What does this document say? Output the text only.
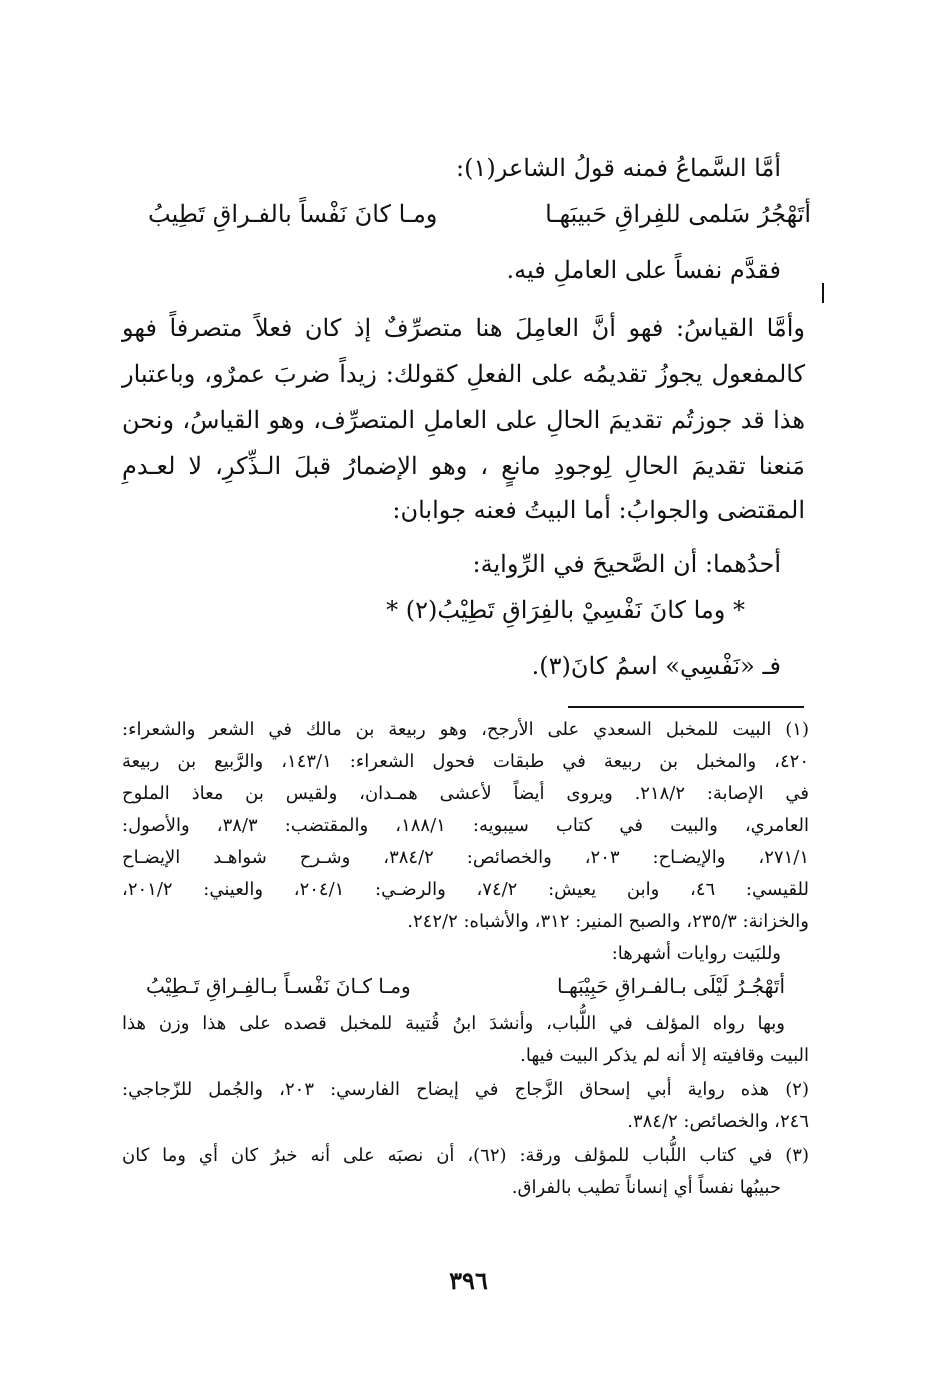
أمَّا السَّماعُ فمنه قولُ الشاعر(١):
أتَهْجُرُ سَلمى للفِراقِ حَبيبَهـا
ومـا كانَ نَفْساً بالفـراقِ تَطِيبُ
فقدَّم نفساً على العاملِ فيه.
وأمَّا القياسُ: فهو أنَّ العامِلَ هنا متصرِّفٌ إذ كان فعلاً متصرفاً فهو
كالمفعول يجوزُ تقديمُه على الفعلِ كقولك: زيداً ضربَ عمرٌو، وباعتبار
هذا قد جوزتُم تقديمَ الحالِ على العاملِ المتصرِّف، وهو القياسُ، ونحن
مَنعنا تقديمَ الحالِ لِوجودِ مانعٍ ، وهو الإضمارُ قبلَ الـذِّكرِ، لا لعـدمِ
المقتضى والجوابُ: أما البيتُ فعنه جوابان:
أحدُهما: أن الصَّحيحَ في الرِّواية:
* وما كانَ نَفْسِيْ بالفِرَاقِ تَطِيْبُ(٢) *
فـ «نَفْسِي» اسمُ كانَ(٣).
(١) البيت للمخبل السعدي على الأرجح، وهو ربيعة بن مالك في الشعر والشعراء:
٤٢٠، والمخبل بن ربيعة في طبقات فحول الشعراء: ١٤٣/١، والرَّبيع بن ربيعة
في الإصابة: ٢١٨/٢. ويروى أيضاً لأعشى همـدان، ولقيس بن معاذ الملوح
العامري، والبيت في كتاب سيبويه: ١٨٨/١، والمقتضب: ٣٨/٣، والأصول:
٢٧١/١، والإيضـاح: ٢٠٣، والخصائص: ٣٨٤/٢، وشـرح شواهـد الإيضـاح
للقيسي: ٤٦، وابن يعيش: ٧٤/٢، والرضـي: ٢٠٤/١، والعيني: ٢٠١/٢،
والخزانة: ٢٣٥/٣، والصبح المنير: ٣١٢، والأشباه: ٢٤٢/٢.
وللبَيت روايات أشهرها:
أتَهْجُـرُ لَيْلَى بـالفـراقِ حَبِيْبَهـا
ومـا كـانَ نَفْسـاً بـالفِـراقِ تَـطِيْبُ
وبها رواه المؤلف في اللُّباب، وأنشدَ ابنُ قُتيبة للمخبل قصده على هذا وزن هذا
البيت وقافيته إلا أنه لم يذكر البيت فيها.
(٢) هذه رواية أبي إسحاق الزَّجاج في إيضاح الفارسي: ٢٠٣، والجُمل للزّجاجي:
٢٤٦، والخصائص: ٣٨٤/٢.
(٣) في كتاب اللُّباب للمؤلف ورقة: (٦٢)، أن نصبَه على أنه خبرُ كان أي وما كان
حبيبُها نفساً أي إنساناً تطيب بالفراق.
٣٩٦
